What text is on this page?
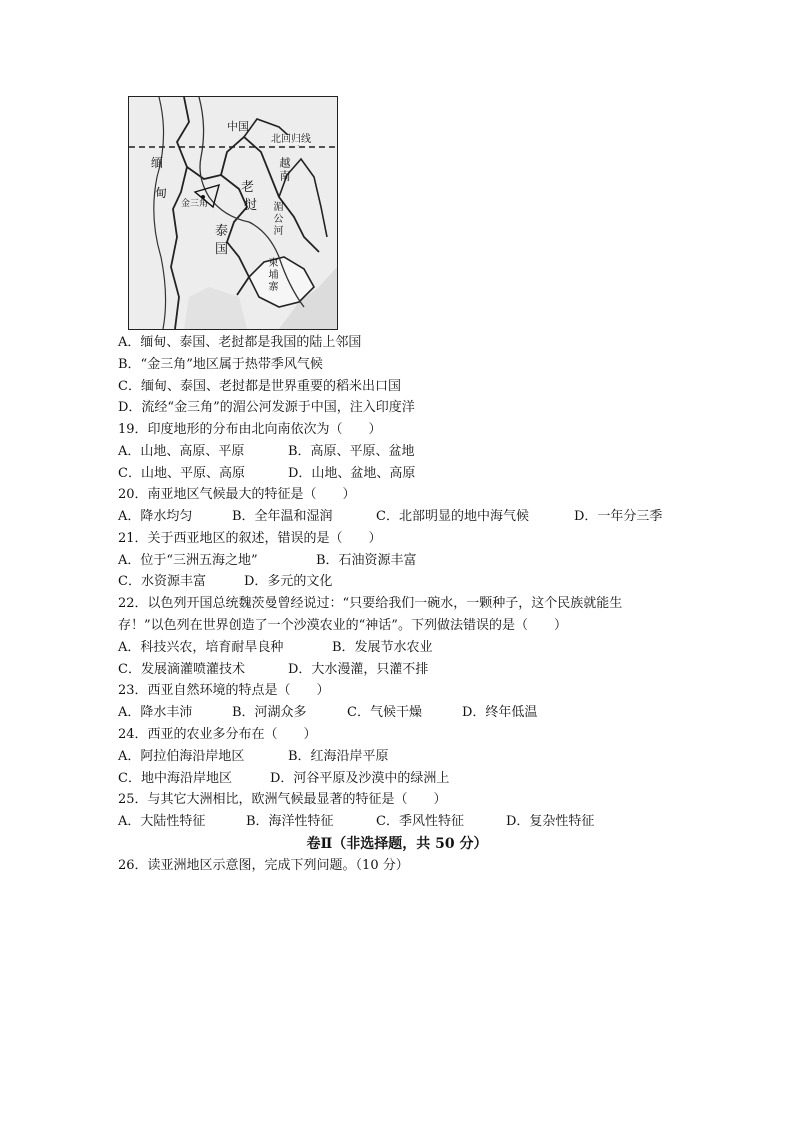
中国
北回归线
缅
甸
金三角
老
挝
泰
国
越南
湄公河
柬埔寨
A．缅甸、泰国、老挝都是我国的陆上邻国
B．“金三角”地区属于热带季风气候
C．缅甸、泰国、老挝都是世界重要的稻米出口国
D．流经“金三角”的湄公河发源于中国，注入印度洋
19．印度地形的分布由北向南依次为（　　）
A．山地、高原、平原	B．高原、平原、盆地
C．山地、平原、高原	D．山地、盆地、高原
20．南亚地区气候最大的特征是（　　）
A．降水均匀	B．全年温和湿润	C．北部明显的地中海气候	D．一年分三季
21．关于西亚地区的叙述，错误的是（　　）
A．位于“三洲五海之地”	B．石油资源丰富
C．水资源丰富	D．多元的文化
22．以色列开国总统魏茨曼曾经说过：“只要给我们一碗水，一颗种子，这个民族就能生
存！”以色列在世界创造了一个沙漠农业的“神话”。下列做法错误的是（　　）
A．科技兴农，培育耐旱良种	B．发展节水农业
C．发展滴灌喷灌技术	D．大水漫灌，只灌不排
23．西亚自然环境的特点是（　　）
A．降水丰沛	B．河湖众多	C．气候干燥	D．终年低温
24．西亚的农业多分布在（　　）
A．阿拉伯海沿岸地区	B．红海沿岸平原
C．地中海沿岸地区	D．河谷平原及沙漠中的绿洲上
25．与其它大洲相比，欧洲气候最显著的特征是（　　）
A．大陆性特征	B．海洋性特征	C．季风性特征	D．复杂性特征
卷Ⅱ（非选择题，共 50 分）
26．读亚洲地区示意图，完成下列问题。（10 分）
